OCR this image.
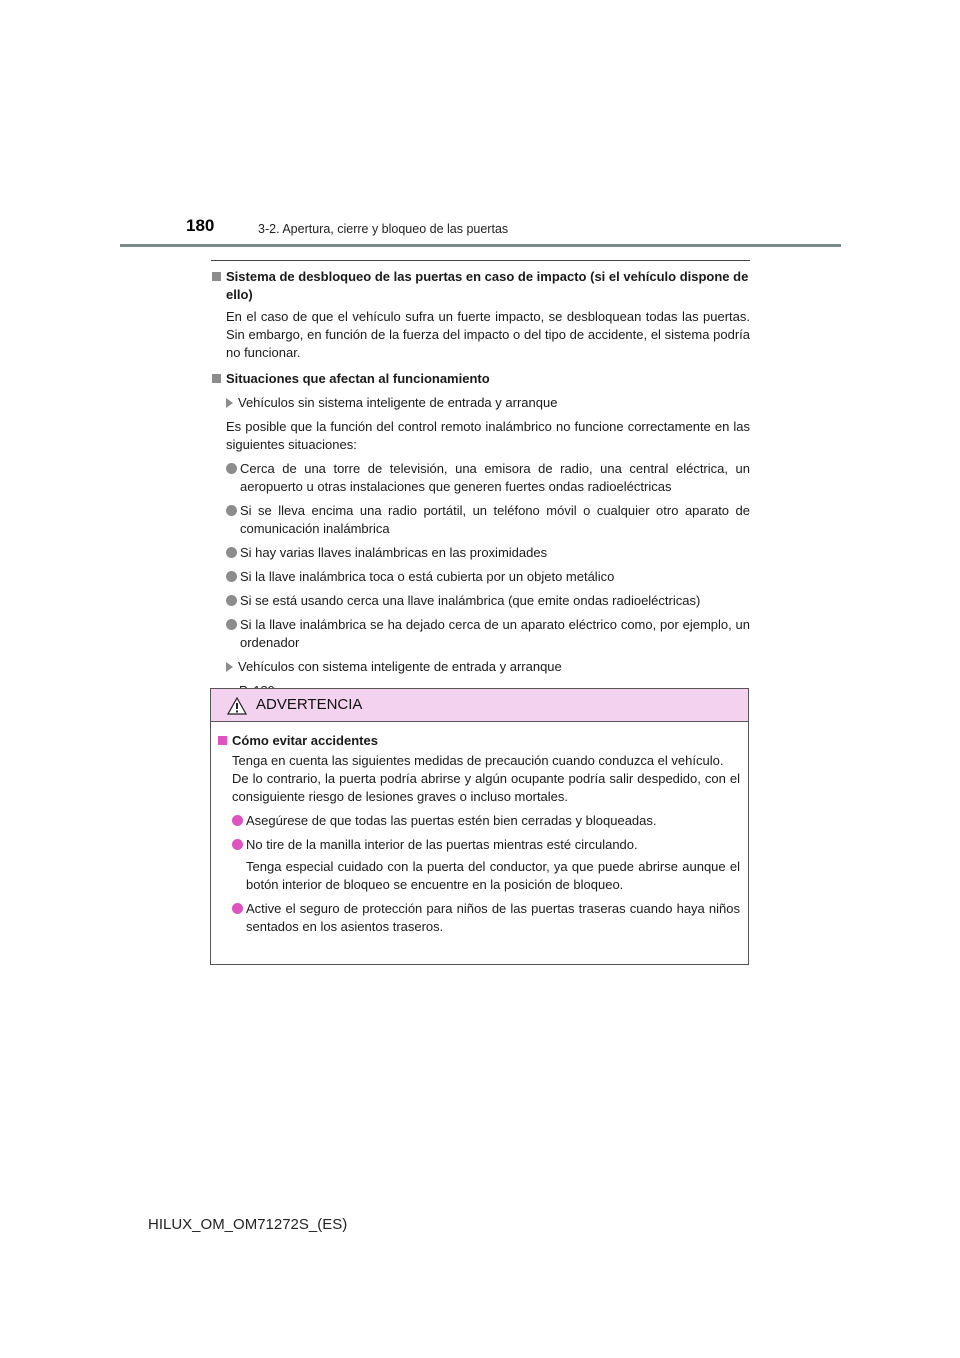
180	3-2. Apertura, cierre y bloqueo de las puertas

Sistema de desbloqueo de las puertas en caso de impacto (si el vehículo dispone de ello)

En el caso de que el vehículo sufra un fuerte impacto, se desbloquean todas las puertas. Sin embargo, en función de la fuerza del impacto o del tipo de accidente, el sistema podría no funcionar.

Situaciones que afectan al funcionamiento

Vehículos sin sistema inteligente de entrada y arranque

Es posible que la función del control remoto inalámbrico no funcione correctamente en las siguientes situaciones:

Cerca de una torre de televisión, una emisora de radio, una central eléctrica, un aeropuerto u otras instalaciones que generen fuertes ondas radioeléctricas
Si se lleva encima una radio portátil, un teléfono móvil o cualquier otro aparato de comunicación inalámbrica
Si hay varias llaves inalámbricas en las proximidades
Si la llave inalámbrica toca o está cubierta por un objeto metálico
Si se está usando cerca una llave inalámbrica (que emite ondas radioeléctricas)
Si la llave inalámbrica se ha dejado cerca de un aparato eléctrico como, por ejemplo, un ordenador
Vehículos con sistema inteligente de entrada y arranque

ADVERTENCIA

Cómo evitar accidentes

Tenga en cuenta las siguientes medidas de precaución cuando conduzca el vehículo.

De lo contrario, la puerta podría abrirse y algún ocupante podría salir despedido, con el consiguiente riesgo de lesiones graves o incluso mortales.

Asegúrese de que todas las puertas estén bien cerradas y bloqueadas.
No tire de la manilla interior de las puertas mientras esté circulando.

Tenga especial cuidado con la puerta del conductor, ya que puede abrirse aunque el botón interior de bloqueo se encuentre en la posición de bloqueo.

Active el seguro de protección para niños de las puertas traseras cuando haya niños sentados en los asientos traseros.
HILUX_OM_OM71272S_(ES)
